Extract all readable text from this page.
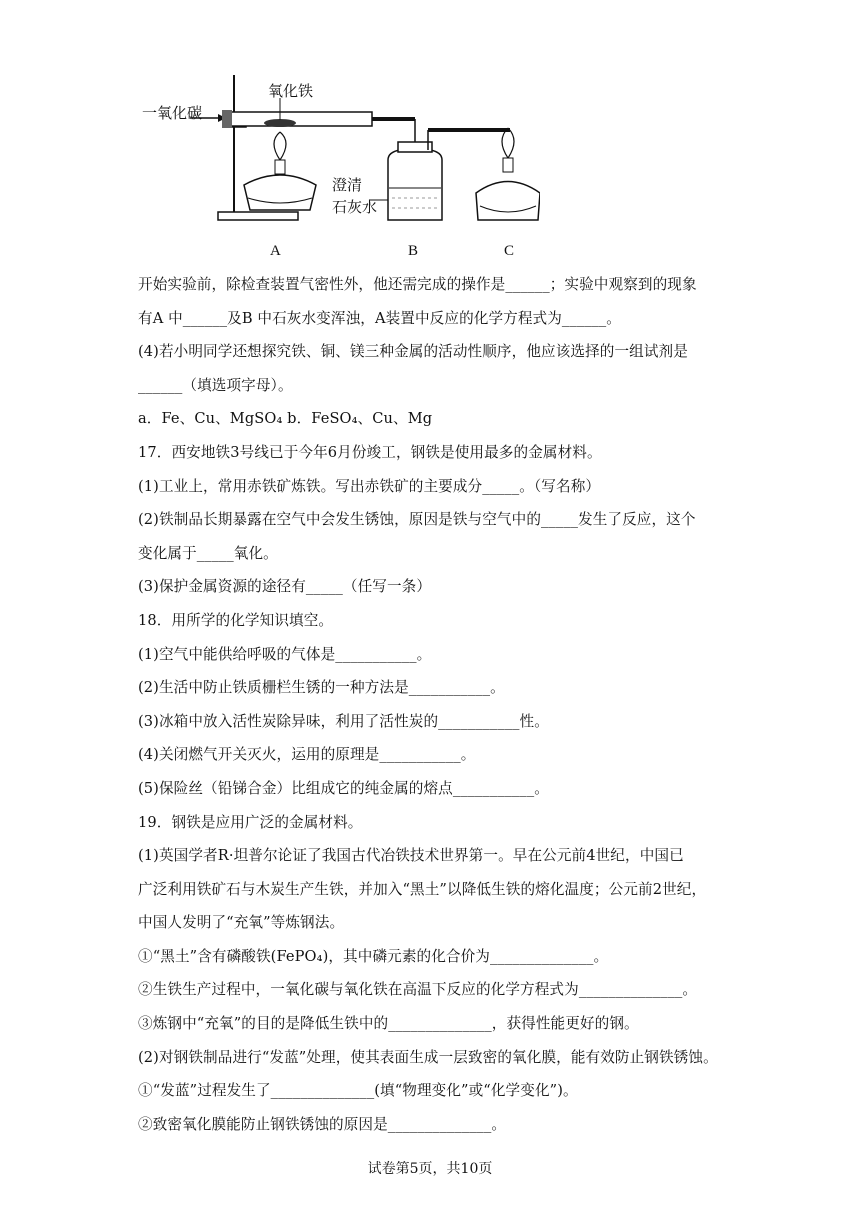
一氧化碳
氧化铁
澄清
石灰水
A	B	C
开始实验前，除检查装置气密性外，他还需完成的操作是______；实验中观察到的现象
有A 中______及B 中石灰水变浑浊，A装置中反应的化学方程式为______。
(4)若小明同学还想探究铁、铜、镁三种金属的活动性顺序，他应该选择的一组试剂是
______（填选项字母）。
a．Fe、Cu、MgSO₄ b．FeSO₄、Cu、Mg
17．西安地铁3号线已于今年6月份竣工，钢铁是使用最多的金属材料。
(1)工业上，常用赤铁矿炼铁。写出赤铁矿的主要成分_____。（写名称）
(2)铁制品长期暴露在空气中会发生锈蚀，原因是铁与空气中的_____发生了反应，这个
变化属于_____氧化。
(3)保护金属资源的途径有_____（任写一条）
18．用所学的化学知识填空。
(1)空气中能供给呼吸的气体是___________。
(2)生活中防止铁质栅栏生锈的一种方法是___________。
(3)冰箱中放入活性炭除异味，利用了活性炭的___________性。
(4)关闭燃气开关灭火，运用的原理是___________。
(5)保险丝（铅锑合金）比组成它的纯金属的熔点___________。
19．钢铁是应用广泛的金属材料。
(1)英国学者R·坦普尔论证了我国古代冶铁技术世界第一。早在公元前4世纪，中国已
广泛利用铁矿石与木炭生产生铁，并加入“黑土”以降低生铁的熔化温度；公元前2世纪，
中国人发明了“充氧”等炼钢法。
①“黑土”含有磷酸铁(FePO₄)，其中磷元素的化合价为______________。
②生铁生产过程中，一氧化碳与氧化铁在高温下反应的化学方程式为______________。
③炼钢中“充氧”的目的是降低生铁中的______________，获得性能更好的钢。
(2)对钢铁制品进行“发蓝”处理，使其表面生成一层致密的氧化膜，能有效防止钢铁锈蚀。
①“发蓝”过程发生了______________(填“物理变化”或“化学变化”)。
②致密氧化膜能防止钢铁锈蚀的原因是______________。
试卷第5页，共10页
